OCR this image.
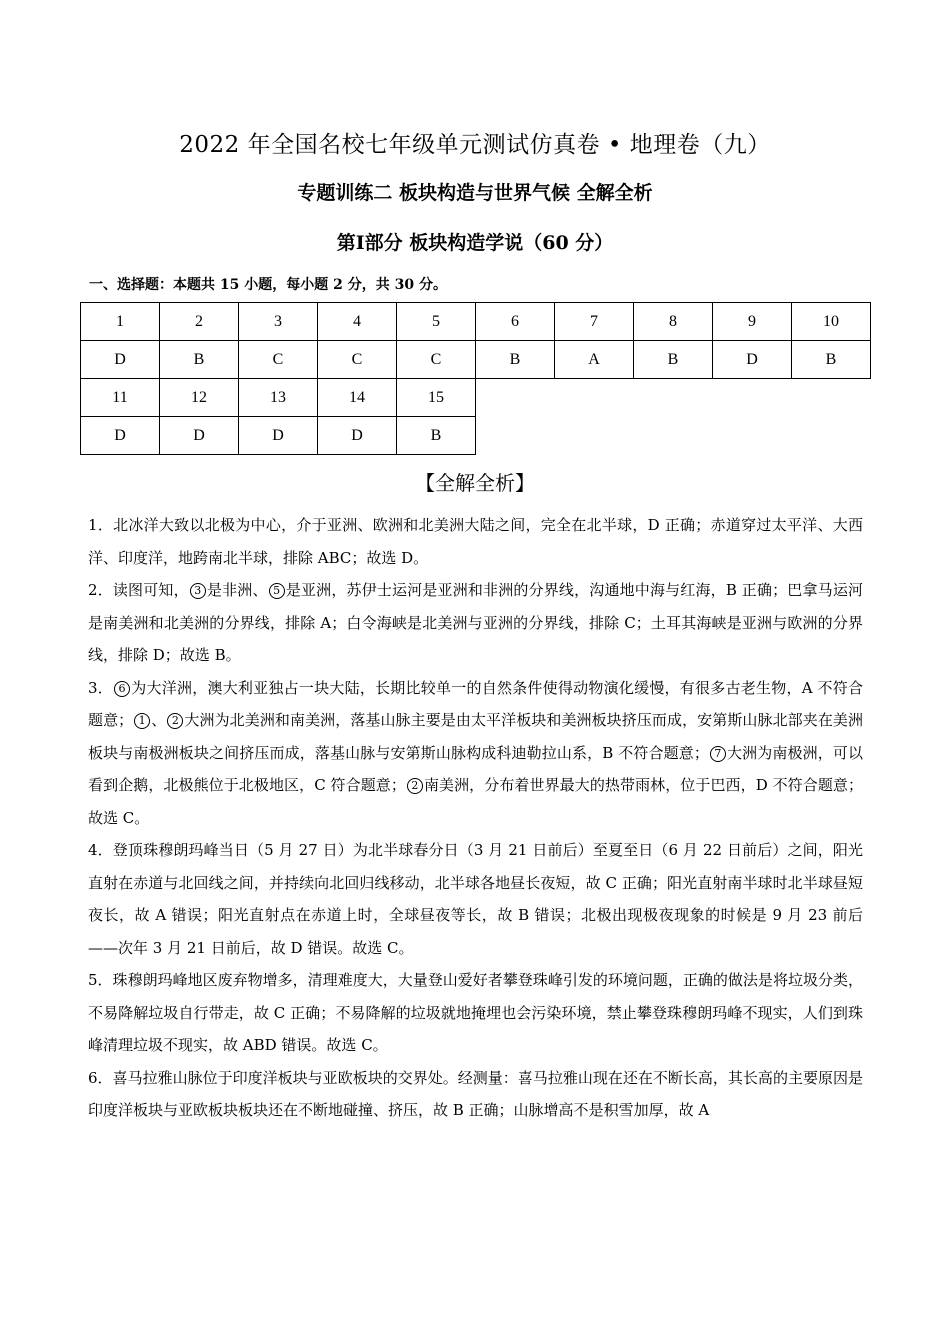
2022 年全国名校七年级单元测试仿真卷 • 地理卷（九）
专题训练二 板块构造与世界气候 全解全析
第Ⅰ部分 板块构造学说（60 分）
一、选择题：本题共 15 小题，每小题 2 分，共 30 分。
1	2	3	4	5	6	7	8	9	10
D	B	C	C	C	B	A	B	D	B
11	12	13	14	15					
D	D	D	D	B					
【全解全析】

1．北冰洋大致以北极为中心，介于亚洲、欧洲和北美洲大陆之间，完全在北半球，D 正确；赤道穿过太平洋、大西洋、印度洋，地跨南北半球，排除 ABC；故选 D。

2．读图可知， 3 是非洲、 5 是亚洲，苏伊士运河是亚洲和非洲的分界线，沟通地中海与红海，B 正确；巴拿马运河是南美洲和北美洲的分界线，排除 A；白令海峡是北美洲与亚洲的分界线，排除 C；土耳其海峡是亚洲与欧洲的分界线，排除 D；故选 B。

3． 6 为大洋洲，澳大利亚独占一块大陆，长期比较单一的自然条件使得动物演化缓慢，有很多古老生物，A 不符合题意； 1 、 2 大洲为北美洲和南美洲，落基山脉主要是由太平洋板块和美洲板块挤压而成，安第斯山脉北部夹在美洲板块与南极洲板块之间挤压而成，落基山脉与安第斯山脉构成科迪勒拉山系，B 不符合题意； 7 大洲为南极洲，可以看到企鹅，北极熊位于北极地区，C 符合题意； 2 南美洲，分布着世界最大的热带雨林，位于巴西，D 不符合题意；故选 C。

4．登顶珠穆朗玛峰当日（5 月 27 日）为北半球春分日（3 月 21 日前后）至夏至日（6 月 22 日前后）之间，阳光直射在赤道与北回线之间，并持续向北回归线移动，北半球各地昼长夜短，故 C 正确；阳光直射南半球时北半球昼短夜长，故 A 错误；阳光直射点在赤道上时，全球昼夜等长，故 B 错误；北极出现极夜现象的时候是 9 月 23 前后——次年 3 月 21 日前后，故 D 错误。故选 C。

5．珠穆朗玛峰地区废弃物增多，清理难度大，大量登山爱好者攀登珠峰引发的环境问题，正确的做法是将垃圾分类，不易降解垃圾自行带走，故 C 正确；不易降解的垃圾就地掩埋也会污染环境，禁止攀登珠穆朗玛峰不现实，人们到珠峰清理垃圾不现实，故 ABD 错误。故选 C。

6．喜马拉雅山脉位于印度洋板块与亚欧板块的交界处。经测量：喜马拉雅山现在还在不断长高，其长高的主要原因是印度洋板块与亚欧板块板块还在不断地碰撞、挤压，故 B 正确；山脉增高不是积雪加厚，故 A
